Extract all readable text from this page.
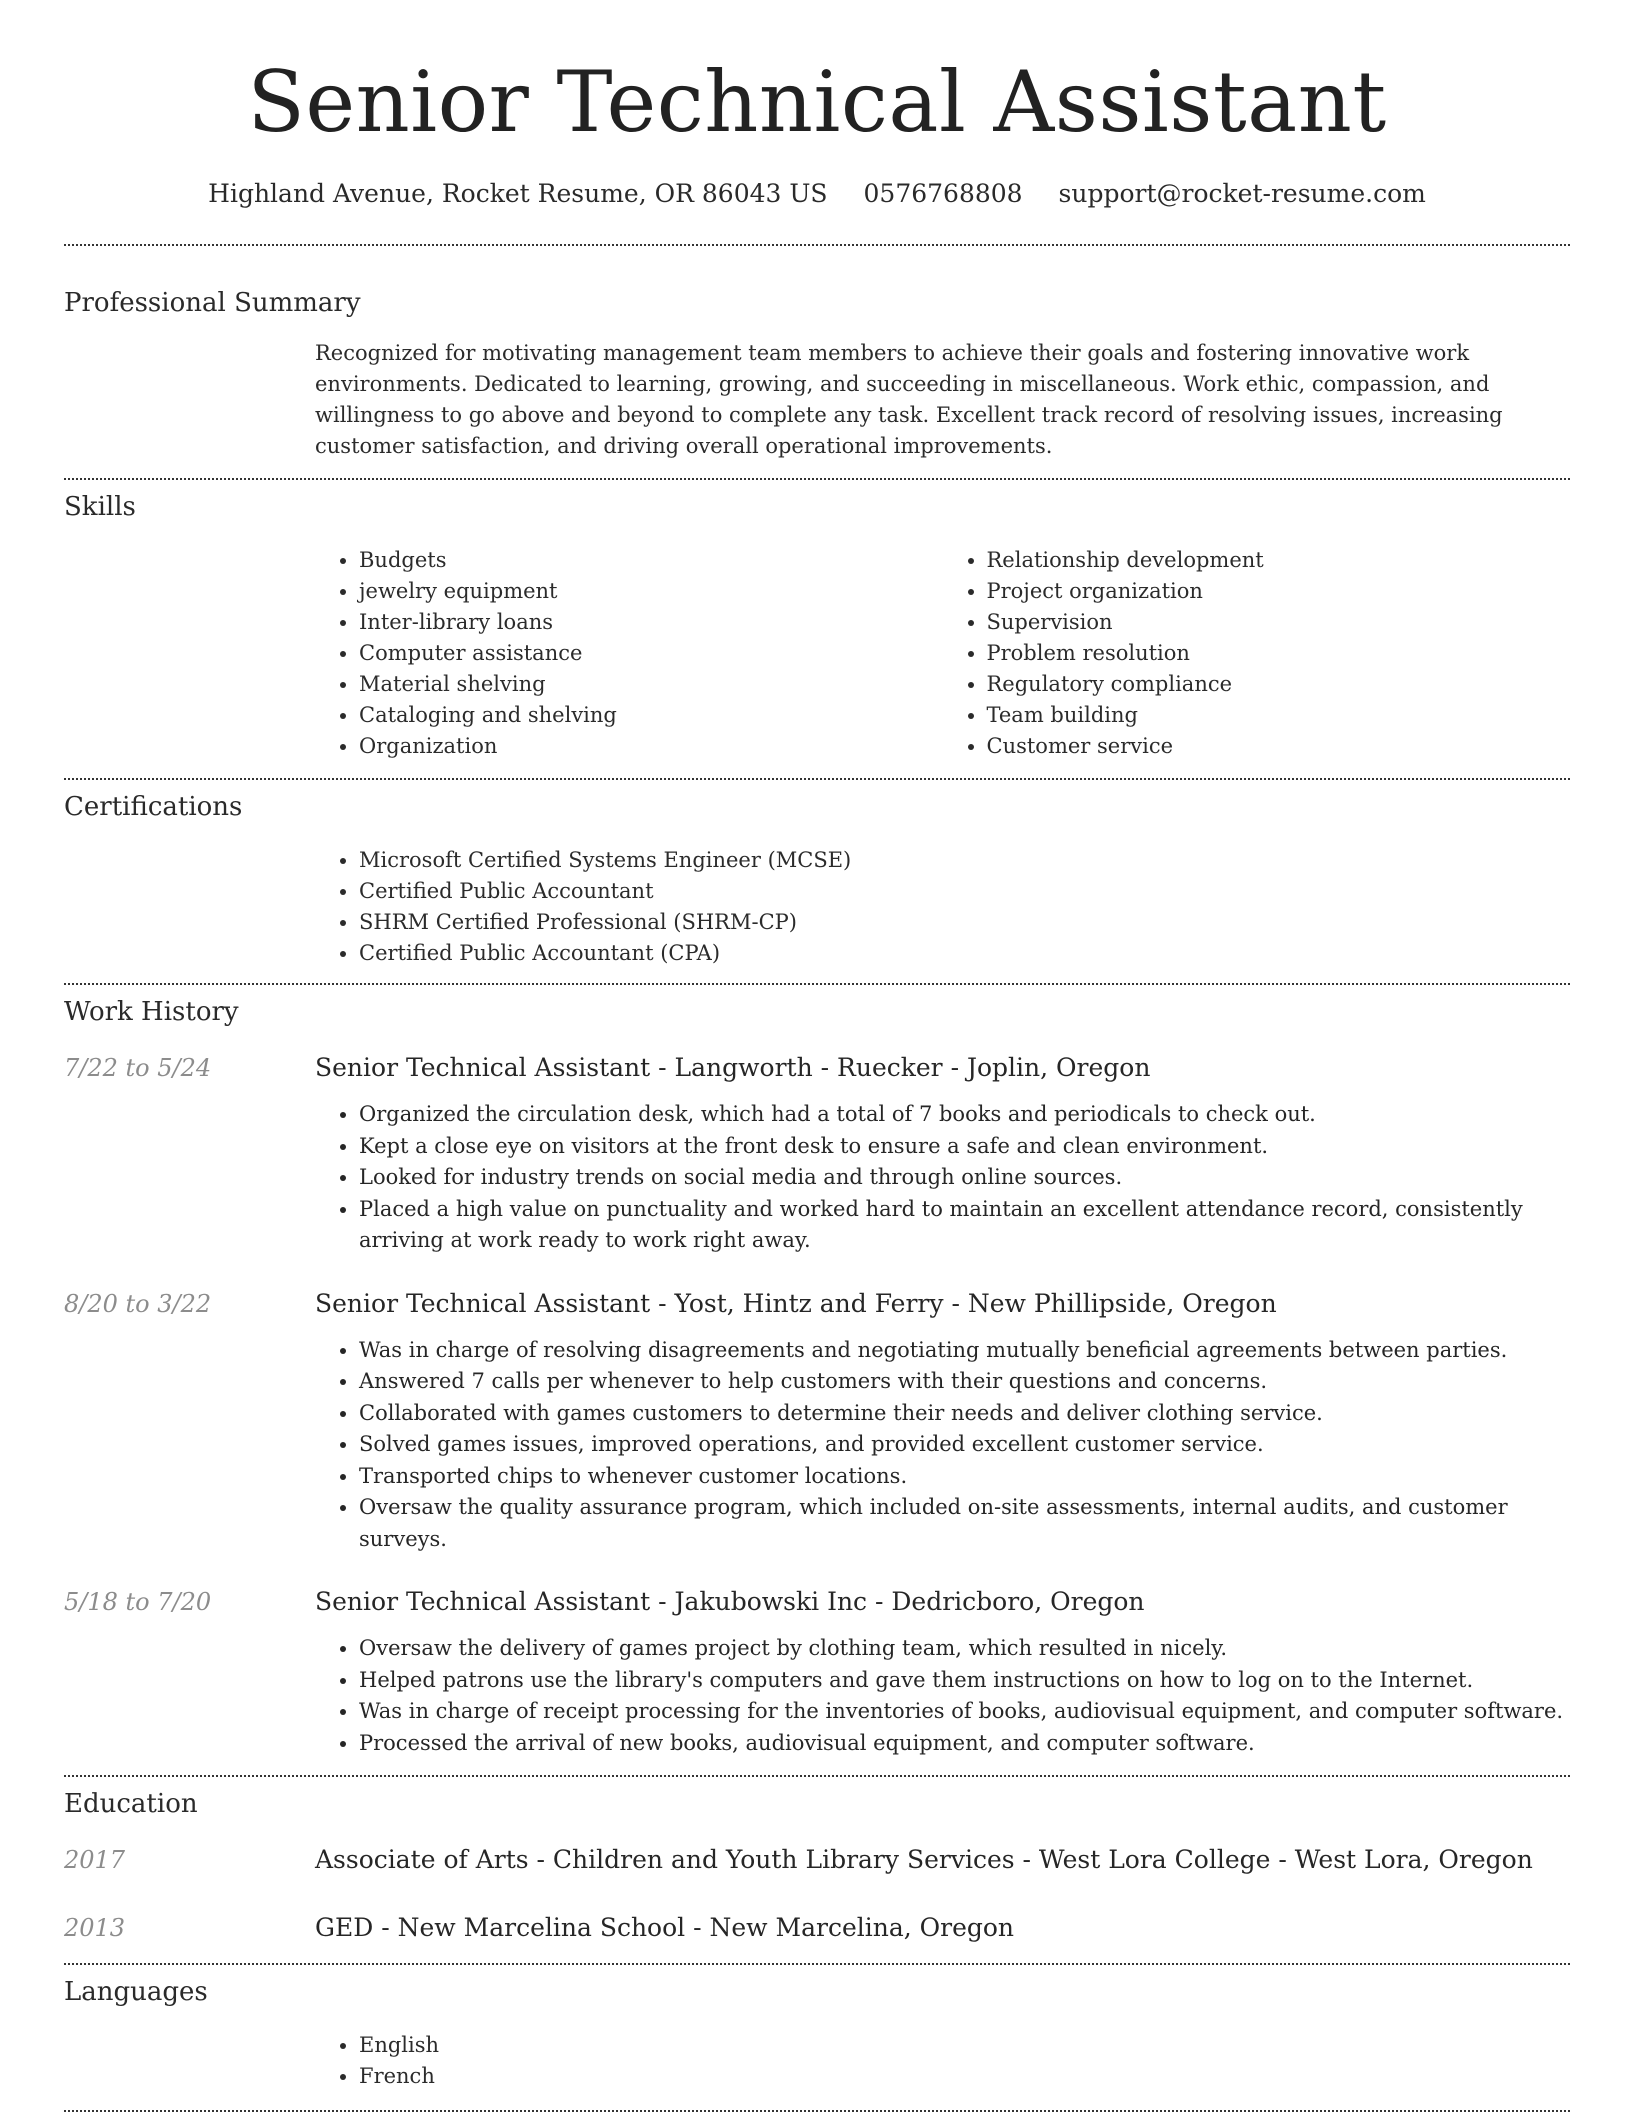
Senior Technical Assistant
Highland Avenue, Rocket Resume, OR 86043 US 0576768808 support@rocket-resume.com
Professional Summary
Recognized for motivating management team members to achieve their goals and fostering innovative work environments. Dedicated to learning, growing, and succeeding in miscellaneous. Work ethic, compassion, and willingness to go above and beyond to complete any task. Excellent track record of resolving issues, increasing customer satisfaction, and driving overall operational improvements.
Skills
• Budgets
• jewelry equipment
• Inter-library loans
• Computer assistance
• Material shelving
• Cataloging and shelving
• Organization
• Relationship development
• Project organization
• Supervision
• Problem resolution
• Regulatory compliance
• Team building
• Customer service
Certifications
• Microsoft Certified Systems Engineer (MCSE)
• Certified Public Accountant
• SHRM Certified Professional (SHRM-CP)
• Certified Public Accountant (CPA)
Work History
7/22 to 5/24	Senior Technical Assistant - Langworth - Ruecker - Joplin, Oregon
• Organized the circulation desk, which had a total of 7 books and periodicals to check out.
• Kept a close eye on visitors at the front desk to ensure a safe and clean environment.
• Looked for industry trends on social media and through online sources.
• Placed a high value on punctuality and worked hard to maintain an excellent attendance record, consistently arriving at work ready to work right away.
8/20 to 3/22	Senior Technical Assistant - Yost, Hintz and Ferry - New Phillipside, Oregon
• Was in charge of resolving disagreements and negotiating mutually beneficial agreements between parties.
• Answered 7 calls per whenever to help customers with their questions and concerns.
• Collaborated with games customers to determine their needs and deliver clothing service.
• Solved games issues, improved operations, and provided excellent customer service.
• Transported chips to whenever customer locations.
• Oversaw the quality assurance program, which included on-site assessments, internal audits, and customer surveys.
5/18 to 7/20	Senior Technical Assistant - Jakubowski Inc - Dedricboro, Oregon
• Oversaw the delivery of games project by clothing team, which resulted in nicely.
• Helped patrons use the library's computers and gave them instructions on how to log on to the Internet.
• Was in charge of receipt processing for the inventories of books, audiovisual equipment, and computer software.
• Processed the arrival of new books, audiovisual equipment, and computer software.
Education
2017	Associate of Arts - Children and Youth Library Services - West Lora College - West Lora, Oregon
2013	GED - New Marcelina School - New Marcelina, Oregon
Languages
• English
• French
